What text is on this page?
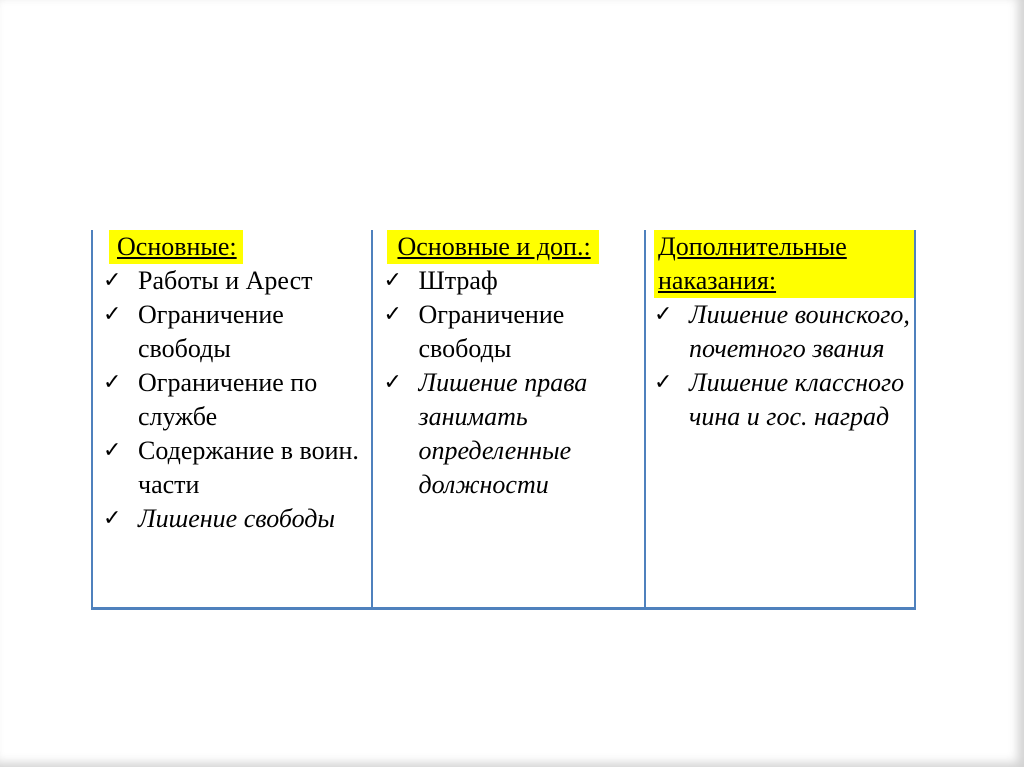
Основные:
✓ Работы и Арест
✓ Ограничение свободы
✓ Ограничение по службе
✓ Содержание в воин. части
✓ Лишение свободы
Основные и доп.:
✓ Штраф
✓ Ограничение свободы
✓ Лишение права занимать определенные должности
Дополнительные наказания:
✓ Лишение воинского, почетного звания
✓ Лишение классного чина и гос. наград
